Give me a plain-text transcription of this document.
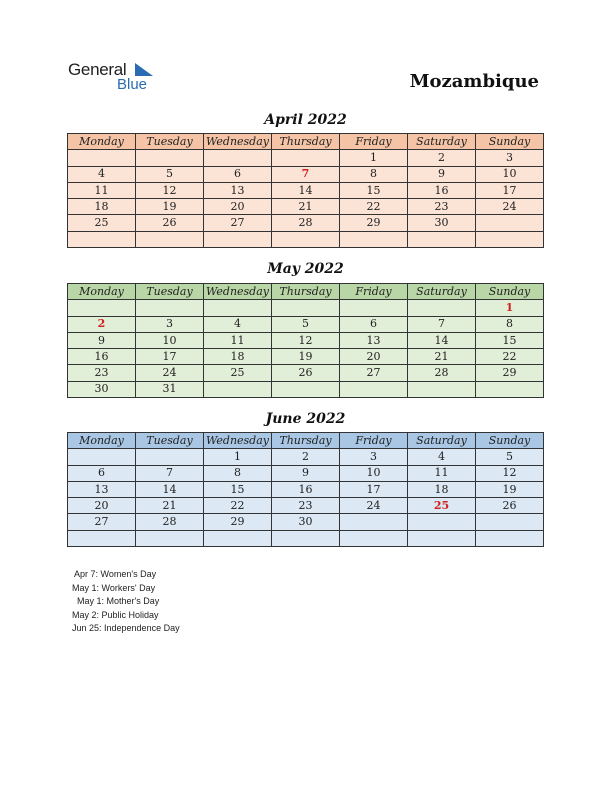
General
Blue	Mozambique
April 2022
Monday	Tuesday	Wednesday	Thursday	Friday	Saturday	Sunday
				1	2	3
4	5	6	7	8	9	10
11	12	13	14	15	16	17
18	19	20	21	22	23	24
25	26	27	28	29	30	

May 2022
Monday	Tuesday	Wednesday	Thursday	Friday	Saturday	Sunday
						1
2	3	4	5	6	7	8
9	10	11	12	13	14	15
16	17	18	19	20	21	22
23	24	25	26	27	28	29
30	31					
June 2022
Monday	Tuesday	Wednesday	Thursday	Friday	Saturday	Sunday
		1	2	3	4	5
6	7	8	9	10	11	12
13	14	15	16	17	18	19
20	21	22	23	24	25	26
27	28	29	30			

Apr 7: Women's Day
May 1: Workers' Day
May 1: Mother's Day
May 2: Public Holiday
Jun 25: Independence Day
